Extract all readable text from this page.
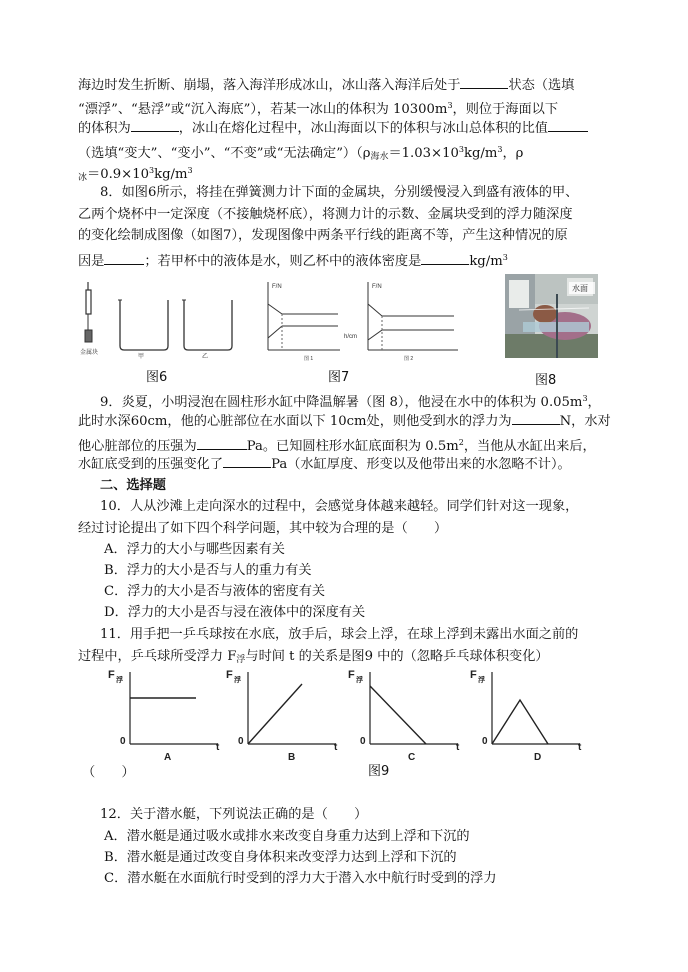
海边时发生折断、崩塌，落入海洋形成冰山，冰山落入海洋后处于	状态（选填
“漂浮”、“悬浮”或“沉入海底”），若某一冰山的体积为 $10300m^3$，则位于海面以下
的体积为	，冰山在熔化过程中，冰山海面以下的体积与冰山总体积的比值
（选填“变大”、“变小”、“不变”或“无法确定$”)(\rho_{海水}=1.03\times 10^3kg/m^3$，ρ
$_冰=0.9\times 10^3kg/m^3$
8．如图6所示，将挂在弹簧测力计下面的金属块，分别缓慢浸入到盛有液体的甲、
乙两个烧杯中一定深度（不接触烧杯底），将测力计的示数、金属块受到的浮力随深度
的变化绘制成图像（如图7），发现图像中两条平行线的距离不等，产生这种情况的原
因是	；若甲杯中的液体是水，则乙杯中的液体密度是	$kg/m^3$
金属块
甲	乙
图6
F/N
图 1
F/N
h/cm
图 2
图7
水面
图8
9．炎夏，小明浸泡在圆柱形水缸中降温解暑（图 8），他浸在水中的体积为 $0.05m^3$，
此时水深60cm，他的心脏部位在水面以下 10cm处，则他受到水的浮力为	N，水对
他心脏部位的压强为	Pa。已知圆柱形水缸底面积为 $0.5m^2$，当他从水缸出来后，
水缸底受到的压强变化了	Pa（水缸厚度、形变以及他带出来的水忽略不计）。
二、选择题
10．人从沙滩上走向深水的过程中，会感觉身体越来越轻。同学们针对这一现象，
经过讨论提出了如下四个科学问题，其中较为合理的是（　　）
A．浮力的大小与哪些因素有关
B．浮力的大小是否与人的重力有关
C．浮力的大小是否与液体的密度有关
D．浮力的大小是否与浸在液体中的深度有关
11．用手把一乒乓球按在水底，放手后，球会上浮，在球上浮到未露出水面之前的
过程中，乒乓球所受浮力 $F_浮$与时间 t 的关系是图9 中的（忽略乒乓球体积变化）
F 浮
0
t
A
F 浮
0
t
B
F 浮
0
t
C
F 浮
0
t
D
（　　）	图9
12．关于潜水艇，下列说法正确的是（　　）
A．潜水艇是通过吸水或排水来改变自身重力达到上浮和下沉的
B．潜水艇是通过改变自身体积来改变浮力达到上浮和下沉的
C．潜水艇在水面航行时受到的浮力大于潜入水中航行时受到的浮力
